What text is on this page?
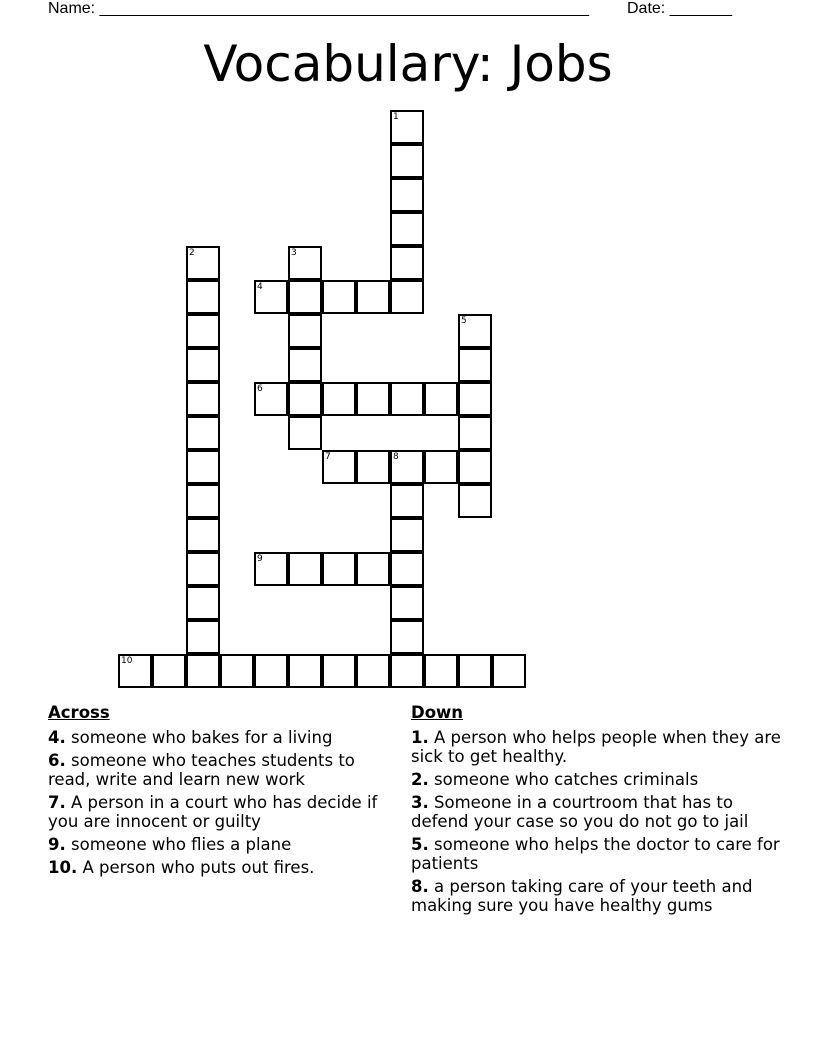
Name: _______________________________________________________ Date: _______
Vocabulary: Jobs
1
2	3
5
8
4
6
7
9
10
Across
4. someone who bakes for a living
6. someone who teaches students to read, write and learn new work
7. A person in a court who has decide if you are innocent or guilty
9. someone who flies a plane
10. A person who puts out fires.
Down
1. A person who helps people when they are sick to get healthy.
2. someone who catches criminals
3. Someone in a courtroom that has to defend your case so you do not go to jail
5. someone who helps the doctor to care for patients
8. a person taking care of your teeth and making sure you have healthy gums
